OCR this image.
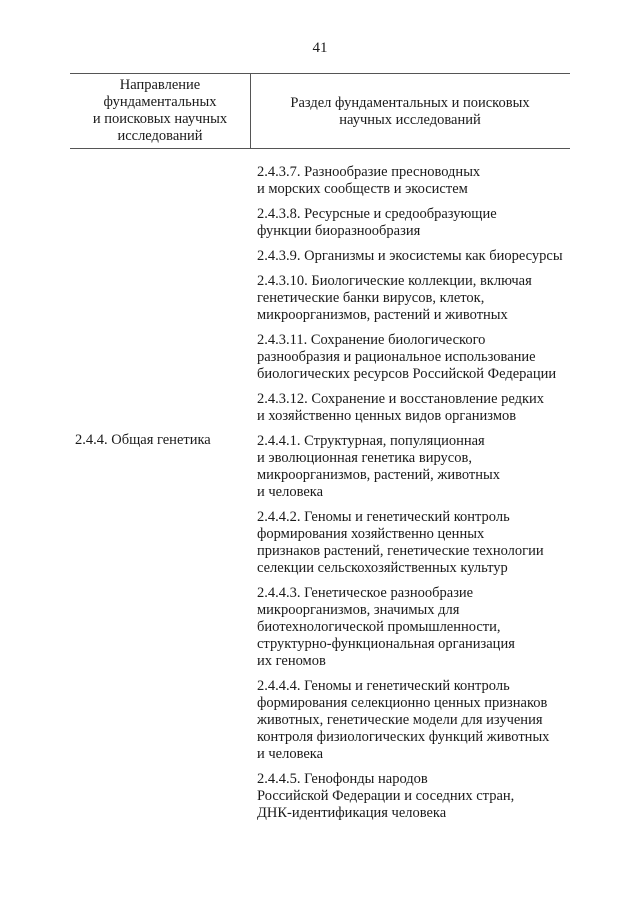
41
Направление
фундаментальных
и поисковых научных
исследований
Раздел фундаментальных и поисковых
научных исследований
2.4.4. Общая генетика
2.4.3.7. Разнообразие пресноводных
и морских сообществ и экосистем
2.4.3.8. Ресурсные и средообразующие
функции биоразнообразия
2.4.3.9. Организмы и экосистемы как биоресурсы
2.4.3.10. Биологические коллекции, включая
генетические банки вирусов, клеток,
микроорганизмов, растений и животных
2.4.3.11. Сохранение биологического
разнообразия и рациональное использование
биологических ресурсов Российской Федерации
2.4.3.12. Сохранение и восстановление редких
и хозяйственно ценных видов организмов
2.4.4.1. Структурная, популяционная
и эволюционная генетика вирусов,
микроорганизмов, растений, животных
и человека
2.4.4.2. Геномы и генетический контроль
формирования хозяйственно ценных
признаков растений, генетические технологии
селекции сельскохозяйственных культур
2.4.4.3. Генетическое разнообразие
микроорганизмов, значимых для
биотехнологической промышленности,
структурно-функциональная организация
их геномов
2.4.4.4. Геномы и генетический контроль
формирования селекционно ценных признаков
животных, генетические модели для изучения
контроля физиологических функций животных
и человека
2.4.4.5. Генофонды народов
Российской Федерации и соседних стран,
ДНК-идентификация человека
